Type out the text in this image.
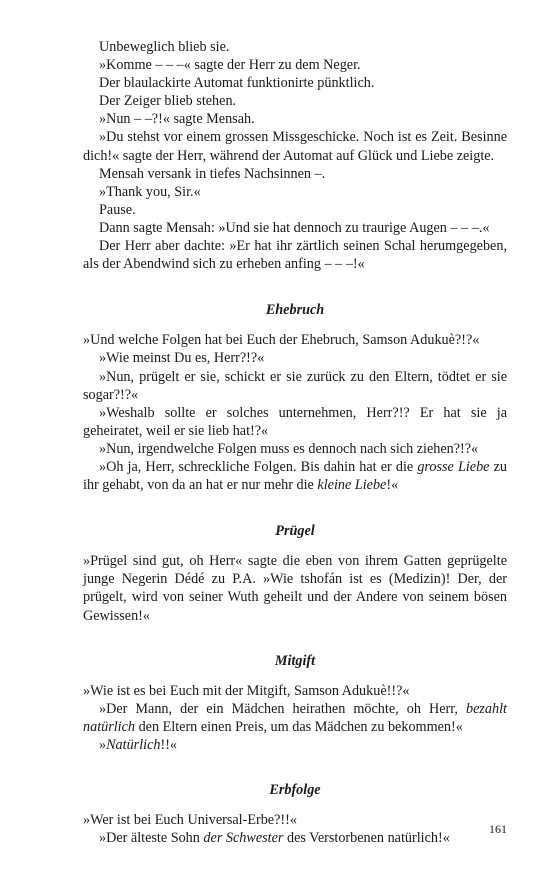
Unbeweglich blieb sie.

»Komme – – –« sagte der Herr zu dem Neger.

Der blaulackirte Automat funktionirte pünktlich.

Der Zeiger blieb stehen.

»Nun – –?!« sagte Mensah.

»Du stehst vor einem grossen Missgeschicke. Noch ist es Zeit. Besinne dich!« sagte der Herr, während der Automat auf Glück und Liebe zeigte.

Mensah versank in tiefes Nachsinnen –.

»Thank you, Sir.«

Pause.

Dann sagte Mensah: »Und sie hat dennoch zu traurige Augen – – –.«

Der Herr aber dachte: »Er hat ihr zärtlich seinen Schal herumgegeben, als der Abendwind sich zu erheben anfing – – –!«

Ehebruch

»Und welche Folgen hat bei Euch der Ehebruch, Samson Adukuè?!?«

»Wie meinst Du es, Herr?!?«

»Nun, prügelt er sie, schickt er sie zurück zu den Eltern, tödtet er sie sogar?!?«

»Weshalb sollte er solches unternehmen, Herr?!? Er hat sie ja geheiratet, weil er sie lieb hat!?«

»Nun, irgendwelche Folgen muss es dennoch nach sich ziehen?!?«

»Oh ja, Herr, schreckliche Folgen. Bis dahin hat er die grosse Liebe zu ihr gehabt, von da an hat er nur mehr die kleine Liebe!«

Prügel

»Prügel sind gut, oh Herr« sagte die eben von ihrem Gatten geprügelte junge Negerin Dédé zu P.A. »Wie tshofán ist es (Medizin)! Der, der prügelt, wird von seiner Wuth geheilt und der Andere von seinem bösen Gewissen!«

Mitgift

»Wie ist es bei Euch mit der Mitgift, Samson Adukuè!!?«

»Der Mann, der ein Mädchen heirathen möchte, oh Herr, bezahlt natürlich den Eltern einen Preis, um das Mädchen zu bekommen!«

»Natürlich!!«

Erbfolge

»Wer ist bei Euch Universal-Erbe?!!«

»Der älteste Sohn der Schwester des Verstorbenen natürlich!«

161
